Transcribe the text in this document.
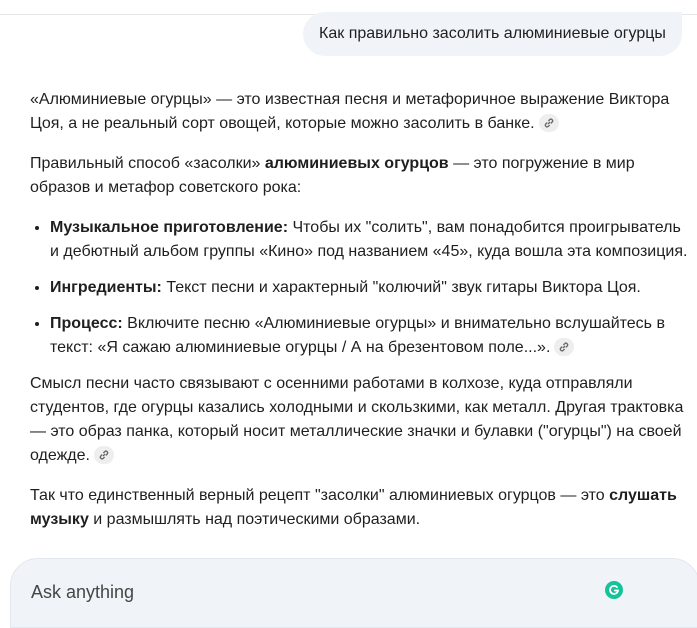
Как правильно засолить алюминиевые огурцы

«Алюминиевые огурцы» — это известная песня и метафоричное выражение Виктора Цоя, а не реальный сорт овощей, которые можно засолить в банке.

Правильный способ «засолки» алюминиевых огурцов — это погружение в мир образов и метафор советского рока:

• Музыкальное приготовление: Чтобы их "солить", вам понадобится проигрыватель и дебютный альбом группы «Кино» под названием «45», куда вошла эта композиция.
• Ингредиенты: Текст песни и характерный "колючий" звук гитары Виктора Цоя.
• Процесс: Включите песню «Алюминиевые огурцы» и внимательно вслушайтесь в текст: «Я сажаю алюминиевые огурцы / А на брезентовом поле...».

Смысл песни часто связывают с осенними работами в колхозе, куда отправляли студентов, где огурцы казались холодными и скользкими, как металл. Другая трактовка — это образ панка, который носит металлические значки и булавки ("огурцы") на своей одежде.

Так что единственный верный рецепт "засолки" алюминиевых огурцов — это слушать музыку и размышлять над поэтическими образами.

Ask anything
